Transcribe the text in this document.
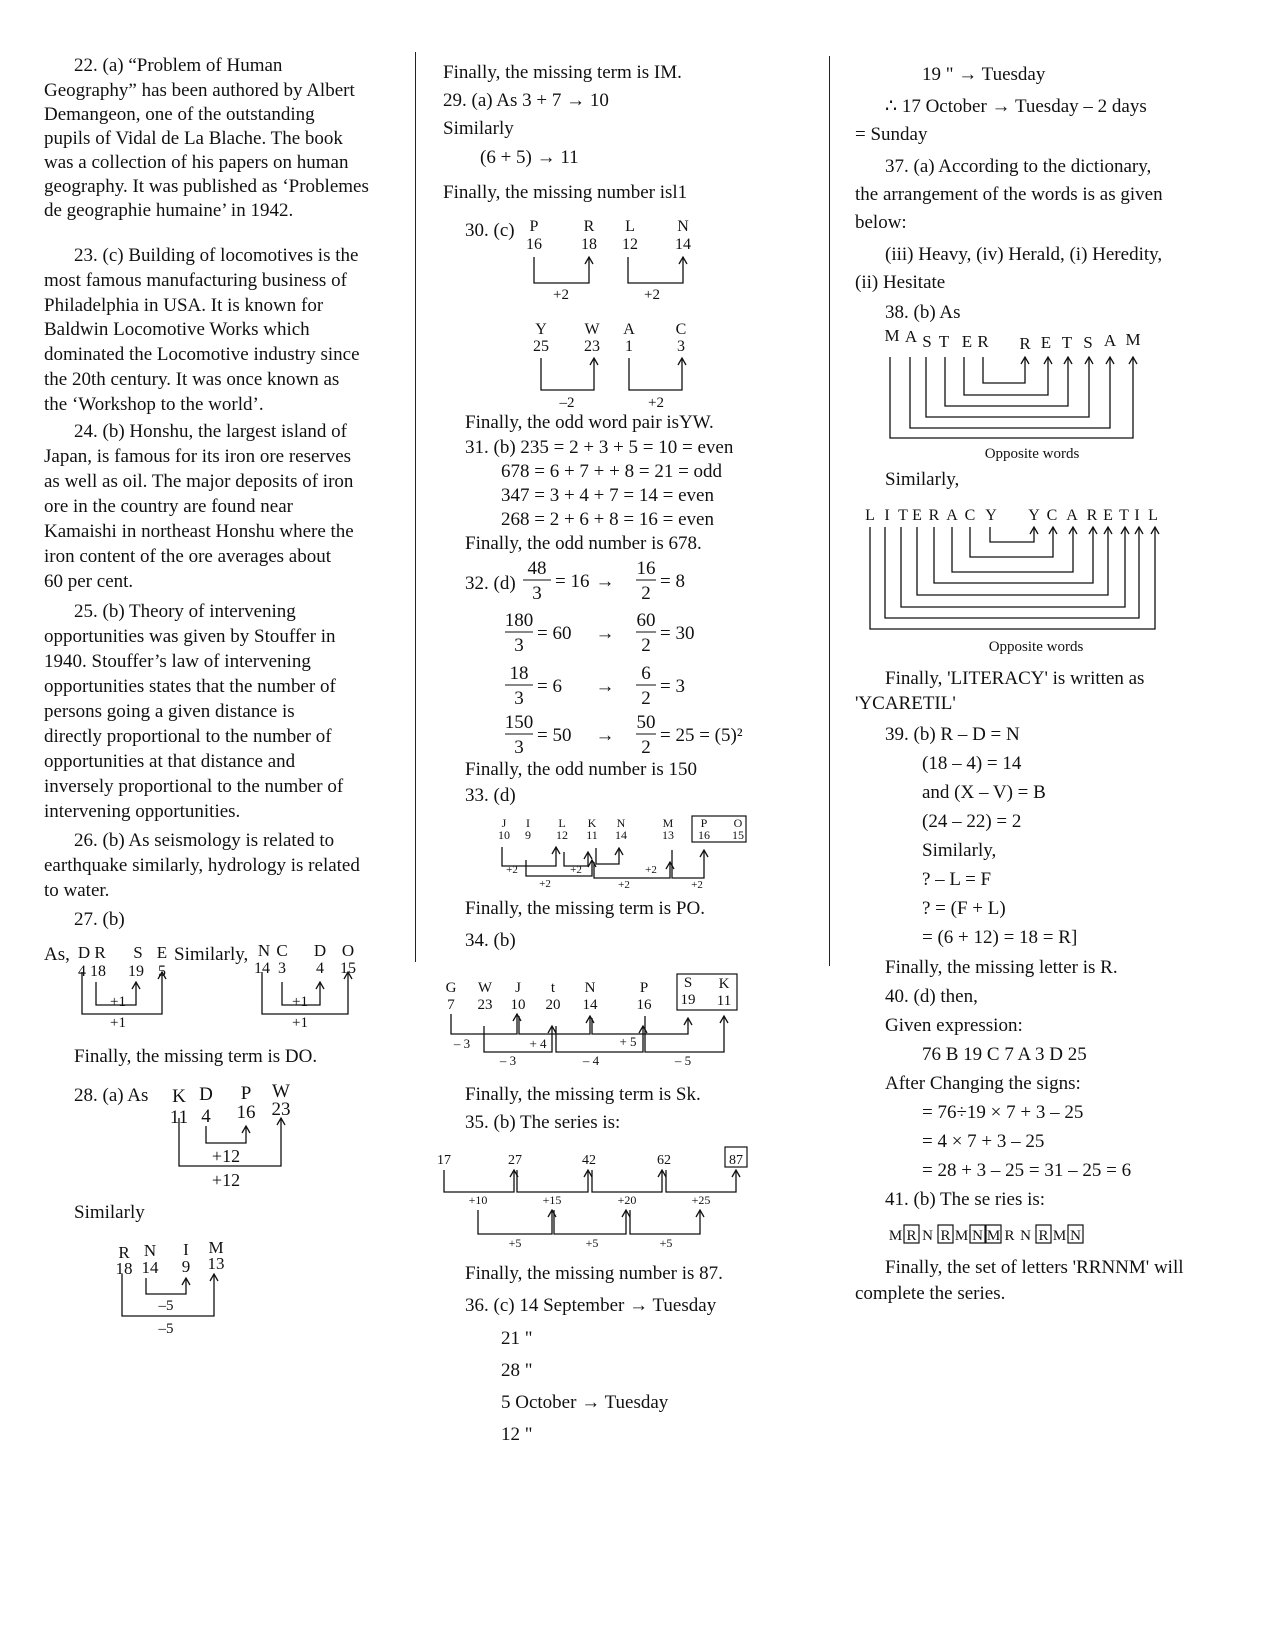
22. (a) “Problem of Human
Geography” has been authored by Albert
Demangeon, one of the outstanding
pupils of Vidal de La Blache. The book
was a collection of his papers on human
geography. It was published as ‘Problemes
de geographie humaine’ in 1942.
23. (c) Building of locomotives is the
most famous manufacturing business of
Philadelphia in USA. It is known for
Baldwin Locomotive Works which
dominated the Locomotive industry since
the 20th century. It was once known as
the ‘Workshop to the world’.
24. (b) Honshu, the largest island of
Japan, is famous for its iron ore reserves
as well as oil. The major deposits of iron
ore in the country are found near
Kamaishi in northeast Honshu where the
iron content of the ore averages about
60 per cent.
25. (b) Theory of intervening
opportunities was given by Stouffer in
1940. Stouffer’s law of intervening
opportunities states that the number of
persons going a given distance is
directly proportional to the number of
opportunities at that distance and
inversely proportional to the number of
intervening opportunities.
26. (b) As seismology is related to
earthquake similarly, hydrology is related
to water.
27. (b)
As,	Similarly,
Finally, the missing term is DO.
28. (a) As
Similarly
Finally, the missing term is IM.
29. (a) As 3 + 7 → 10
Similarly
(6 + 5) → 11
Finally, the missing number isl1
30. (c)
Finally, the odd word pair isYW.
31. (b) 235 = 2 + 3 + 5 = 10 = even
678 = 6 + 7 + + 8 = 21 = odd
347 = 3 + 4 + 7 = 14 = even
268 = 2 + 6 + 8 = 16 = even
Finally, the odd number is 678.
32. (d)
Finally, the odd number is 150
33. (d)
Finally, the missing term is PO.
34. (b)
Finally, the missing term is Sk.
35. (b) The series is:
Finally, the missing number is 87.
36. (c) 14 September → Tuesday
21 "
28 "
5 October → Tuesday
12 "
19 " → Tuesday
∴ 17 October → Tuesday – 2 days
= Sunday
37. (a) According to the dictionary,
the arrangement of the words is as given
below:
(iii) Heavy, (iv) Herald, (i) Heredity,
(ii) Hesitate
38. (b) As
Similarly,
Finally, 'LITERACY' is written as
'YCARETIL'
39. (b) R – D = N
(18 – 4) = 14
and (X – V) = B
(24 – 22) = 2
Similarly,
? – L = F
? = (F + L)
= (6 + 12) = 18 = R]
Finally, the missing letter is R.
40. (d) then,
Given expression:
76 B 19 C 7 A 3 D 25
After Changing the signs:
= 76÷19 × 7 + 3 – 25
= 4 × 7 + 3 – 25
= 28 + 3 – 25 = 31 – 25 = 6
41. (b) The se ries is:
Finally, the set of letters 'RRNNM' will
complete the series.
D R S E
4 18 19 5
+1
+1
N C D O
14 3 4 15
+1
+1
K D P W
11 4 16 23
+12
+12
R N I M
18 14 9 13
–5
–5
P	R L	N
16 18 12 14
+2	+2
Y W A	C
25 23 1	3
–2	+2
48
3
= 16 →
16
2
= 8
180
3
= 60 →
60
2
= 30
18
3
= 6 →
6
2
= 3
150
3
= 50 →
50
2
= 25 = (5)²
J I L K N	M P O
10 9 12 11 14	13 16 15
+2	+2	+2
+2	+2	+2
G W J t N	P S K
7 23 10 20 14	16 19 11
– 3	+ 4	+ 5
– 3	– 4	– 5
17	27	42	62	87
+10	+15	+20	+25
+5	+5	+5
M A S T E R R E T S A M
Opposite words
L I T E R A C Y Y C A R E T I L
Opposite words
M R N R M N M R N R M N
